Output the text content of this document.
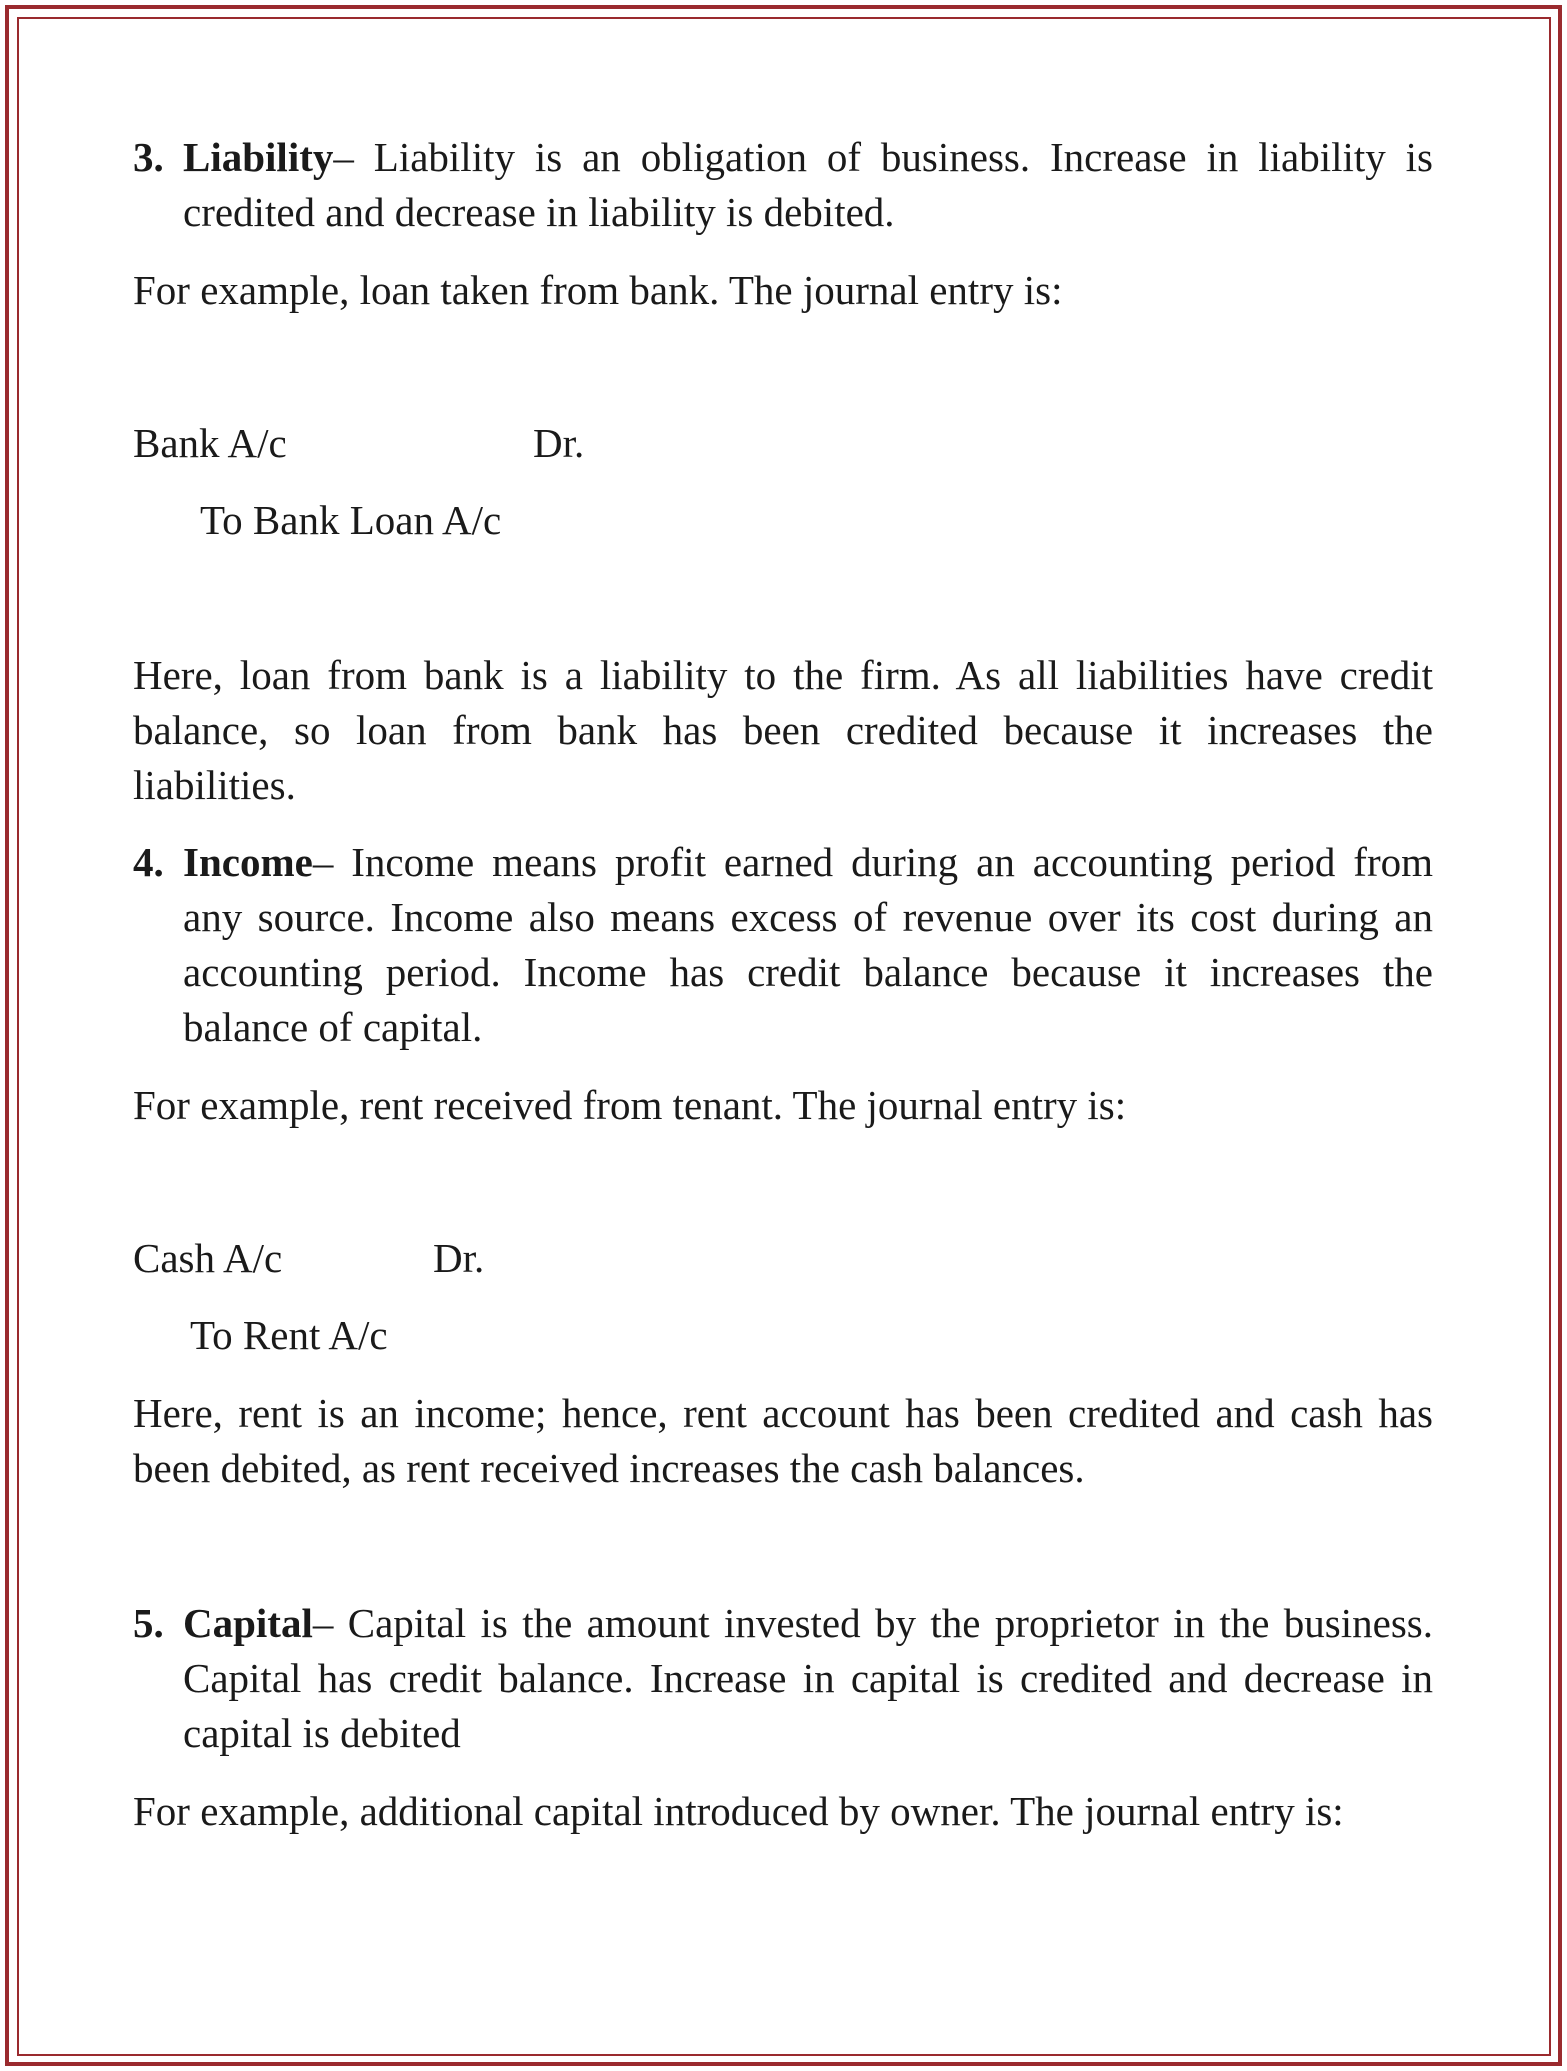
3. Liability– Liability is an obligation of business. Increase in liability is credited and decrease in liability is debited.
For example, loan taken from bank. The journal entry is:
Bank A/c	Dr.
To Bank Loan A/c
Here, loan from bank is a liability to the firm. As all liabilities have credit balance, so loan from bank has been credited because it increases the liabilities.
4. Income– Income means profit earned during an accounting period from any source. Income also means excess of revenue over its cost during an accounting period. Income has credit balance because it increases the balance of capital.
For example, rent received from tenant. The journal entry is:
Cash A/c	Dr.
To Rent A/c
Here, rent is an income; hence, rent account has been credited and cash has been debited, as rent received increases the cash balances.
5. Capital– Capital is the amount invested by the proprietor in the business. Capital has credit balance. Increase in capital is credited and decrease in capital is debited
For example, additional capital introduced by owner. The journal entry is:
